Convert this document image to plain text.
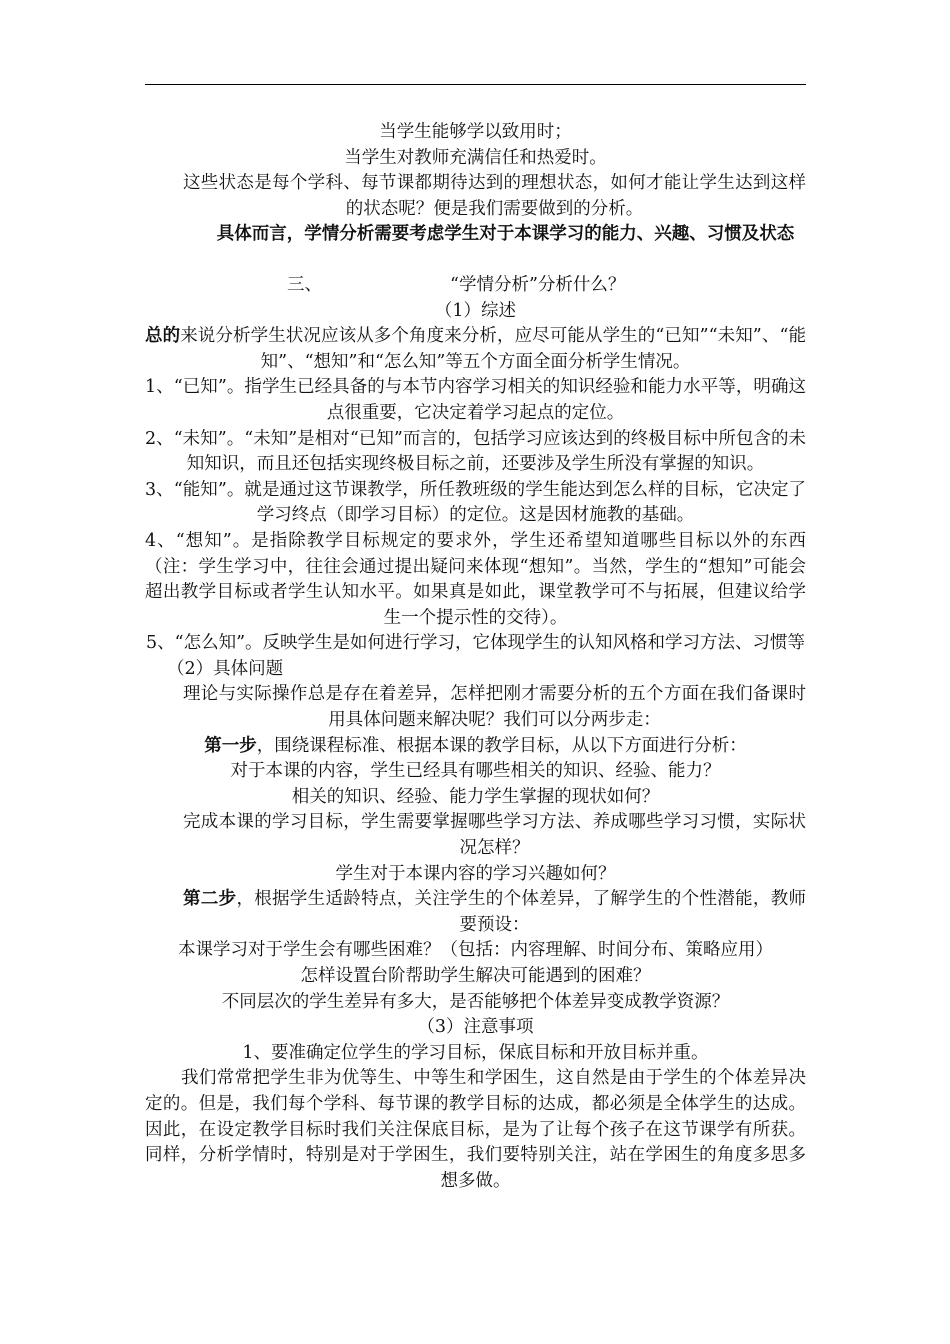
当学生能够学以致用时；

当学生对教师充满信任和热爱时。

这些状态是每个学科、每节课都期待达到的理想状态，如何才能让学生达到这样的状态呢？便是我们需要做到的分析。

具体而言，学情分析需要考虑学生对于本课学习的能力、兴趣、习惯及状态

三、	“学情分析”分析什么？

（1）综述

总的来说分析学生状况应该从多个角度来分析，应尽可能从学生的“已知”“未知”、“能知”、“想知”和“怎么知”等五个方面全面分析学生情况。

1、“已知”。指学生已经具备的与本节内容学习相关的知识经验和能力水平等，明确这点很重要，它决定着学习起点的定位。

2、“未知”。“未知”是相对“已知”而言的，包括学习应该达到的终极目标中所包含的未知知识，而且还包括实现终极目标之前，还要涉及学生所没有掌握的知识。

3、“能知”。就是通过这节课教学，所任教班级的学生能达到怎么样的目标，它决定了学习终点（即学习目标）的定位。这是因材施教的基础。

4、“想知”。是指除教学目标规定的要求外，学生还希望知道哪些目标以外的东西（注：学生学习中，往往会通过提出疑问来体现“想知”。当然，学生的“想知”可能会超出教学目标或者学生认知水平。如果真是如此，课堂教学可不与拓展，但建议给学生一个提示性的交待）。

5、“怎么知”。反映学生是如何进行学习，它体现学生的认知风格和学习方法、习惯等

（2）具体问题

理论与实际操作总是存在着差异，怎样把刚才需要分析的五个方面在我们备课时用具体问题来解决呢？我们可以分两步走：

第一步，围绕课程标准、根据本课的教学目标，从以下方面进行分析：

对于本课的内容，学生已经具有哪些相关的知识、经验、能力？

相关的知识、经验、能力学生掌握的现状如何？

完成本课的学习目标，学生需要掌握哪些学习方法、养成哪些学习习惯，实际状况怎样？

学生对于本课内容的学习兴趣如何？

第二步，根据学生适龄特点，关注学生的个体差异，了解学生的个性潜能，教师要预设：

本课学习对于学生会有哪些困难？（包括：内容理解、时间分布、策略应用）

怎样设置台阶帮助学生解决可能遇到的困难？

不同层次的学生差异有多大，是否能够把个体差异变成教学资源？

（3）注意事项

1、要准确定位学生的学习目标，保底目标和开放目标并重。

我们常常把学生非为优等生、中等生和学困生，这自然是由于学生的个体差异决定的。但是，我们每个学科、每节课的教学目标的达成，都必须是全体学生的达成。因此，在设定教学目标时我们关注保底目标，是为了让每个孩子在这节课学有所获。同样，分析学情时，特别是对于学困生，我们要特别关注，站在学困生的角度多思多想多做。
